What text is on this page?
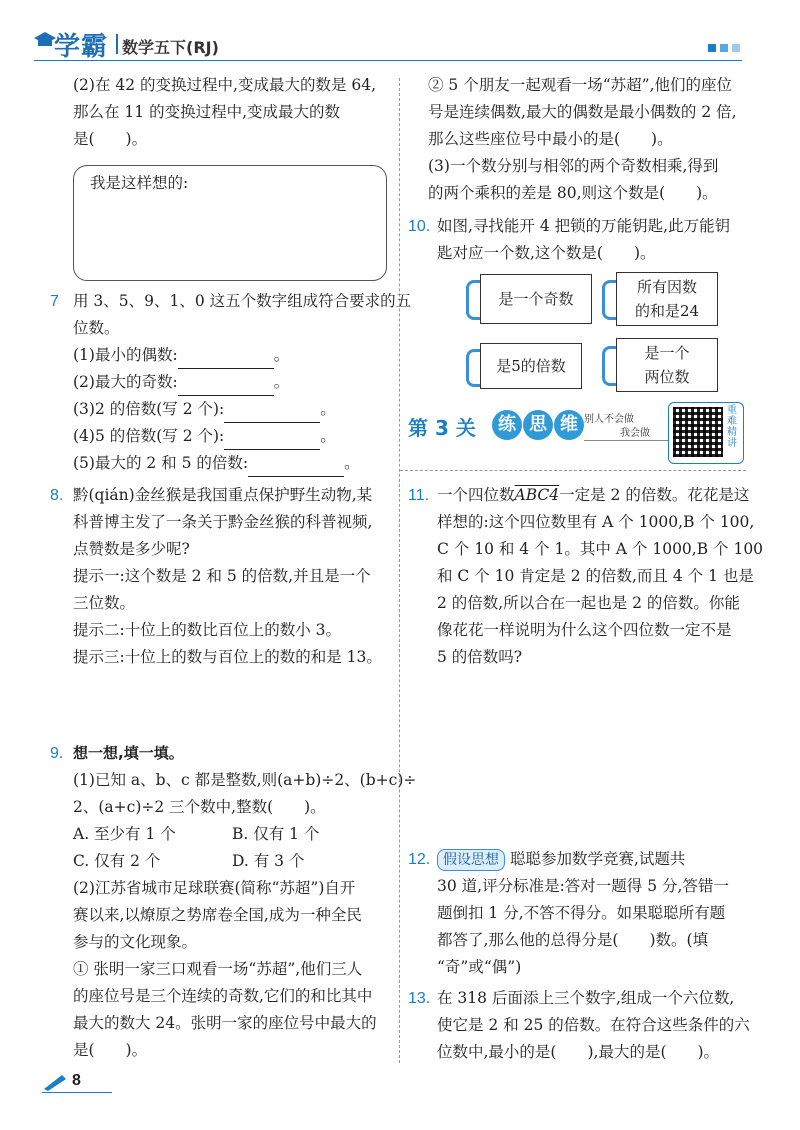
学霸 数学五下(RJ)
(2)在 42 的变换过程中,变成最大的数是 64,
那么在 11 的变换过程中,变成最大的数
是(　　)。
我是这样想的:
7 用 3、5、9、1、0 这五个数字组成符合要求的五
位数。
(1)最小的偶数:	。
(2)最大的奇数:	。
(3)2 的倍数(写 2 个):	。
(4)5 的倍数(写 2 个):	。
(5)最大的 2 和 5 的倍数:	。
8. 黔(qián)金丝猴是我国重点保护野生动物,某
科普博主发了一条关于黔金丝猴的科普视频,
点赞数是多少呢?
提示一:这个数是 2 和 5 的倍数,并且是一个
三位数。
提示二:十位上的数比百位上的数小 3。
提示三:十位上的数与百位上的数的和是 13。
9. 想一想,填一填。
(1)已知 a、b、c 都是整数,则(a+b)÷2、(b+c)÷
2、(a+c)÷2 三个数中,整数(　　)。
A. 至少有 1 个	B. 仅有 1 个
C. 仅有 2 个	D. 有 3 个
(2)江苏省城市足球联赛(简称“苏超”)自开
赛以来,以燎原之势席卷全国,成为一种全民
参与的文化现象。
① 张明一家三口观看一场“苏超”,他们三人
的座位号是三个连续的奇数,它们的和比其中
最大的数大 24。张明一家的座位号中最大的
是(　　)。
② 5 个朋友一起观看一场“苏超”,他们的座位
号是连续偶数,最大的偶数是最小偶数的 2 倍,
那么这些座位号中最小的是(　　)。
(3)一个数分别与相邻的两个奇数相乘,得到
的两个乘积的差是 80,则这个数是(　　)。
10. 如图,寻找能开 4 把锁的万能钥匙,此万能钥
匙对应一个数,这个数是(　　)。
是一个奇数
所有因数
的和是24
是5的倍数
是一个
两位数
第 3 关	练 思 维 别人不会做
我会做
重难精讲
11. 一个四位数ABC4一定是 2 的倍数。花花是这
样想的:这个四位数里有 A 个 1000,B 个 100,
C 个 10 和 4 个 1。其中 A 个 1000,B 个 100
和 C 个 10 肯定是 2 的倍数,而且 4 个 1 也是
2 的倍数,所以合在一起也是 2 的倍数。你能
像花花一样说明为什么这个四位数一定不是
5 的倍数吗?
12. 假设思想 聪聪参加数学竞赛,试题共
30 道,评分标准是:答对一题得 5 分,答错一
题倒扣 1 分,不答不得分。如果聪聪所有题
都答了,那么他的总得分是(　　)数。(填
“奇”或“偶”)
13. 在 318 后面添上三个数字,组成一个六位数,
使它是 2 和 25 的倍数。在符合这些条件的六
位数中,最小的是(　　),最大的是(　　)。
8
